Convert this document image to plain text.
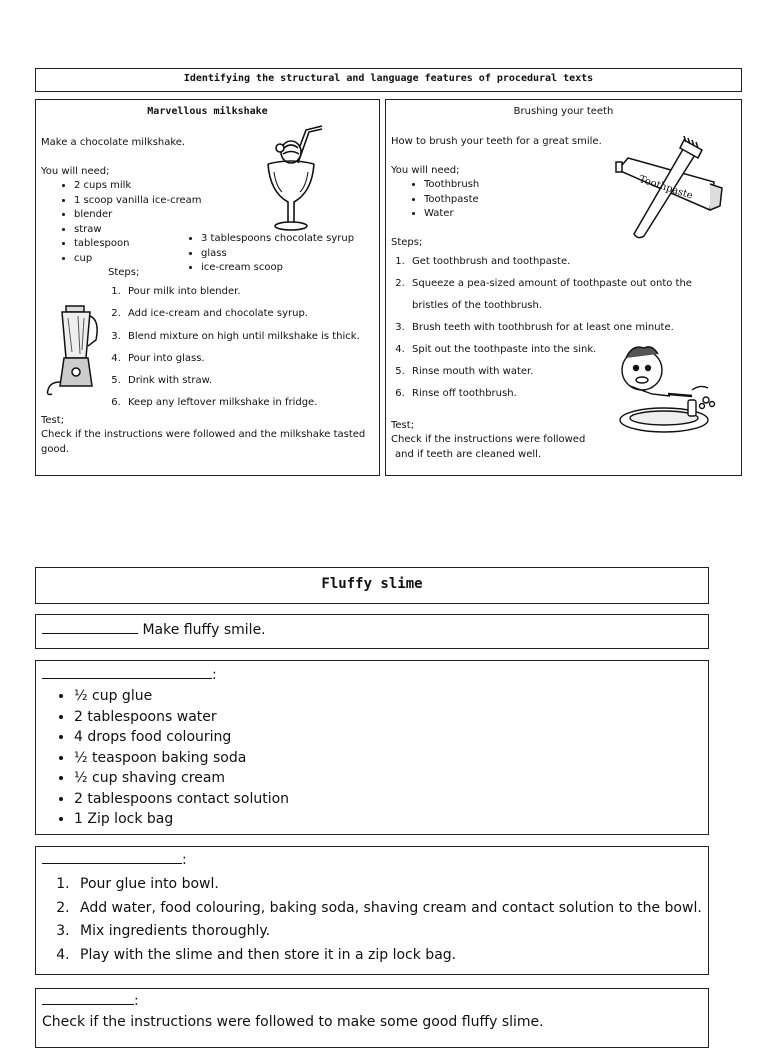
Identifying the structural and language features of procedural texts
Marvellous milkshake
Make a chocolate milkshake.
You will need;
• 2 cups milk
• 1 scoop vanilla ice-cream
• blender
• straw
• tablespoon
• cup
• 3 tablespoons chocolate syrup
• glass
• ice-cream scoop
Steps;
1. Pour milk into blender.
2. Add ice-cream and chocolate syrup.
3. Blend mixture on high until milkshake is thick.
4. Pour into glass.
5. Drink with straw.
6. Keep any leftover milkshake in fridge.
Test;
Check if the instructions were followed and the milkshake tasted
good.
Brushing your teeth
How to brush your teeth for a great smile.
You will need;
• Toothbrush
• Toothpaste
• Water
Steps;
1. Get toothbrush and toothpaste.
2. Squeeze a pea-sized amount of toothpaste out onto the
bristles of the toothbrush.
3. Brush teeth with toothbrush for at least one minute.
4. Spit out the toothpaste into the sink.
5. Rinse mouth with water.
6. Rinse off toothbrush.
Test;
Check if the instructions were followed
and if teeth are cleaned well.
Toothpaste
Fluffy slime
Make fluffy smile.
:
• ½ cup glue
• 2 tablespoons water
• 4 drops food colouring
• ½ teaspoon baking soda
• ½ cup shaving cream
• 2 tablespoons contact solution
• 1 Zip lock bag
:
1. Pour glue into bowl.
2. Add water, food colouring, baking soda, shaving cream and contact solution to the bowl.
3. Mix ingredients thoroughly.
4. Play with the slime and then store it in a zip lock bag.
:
Check if the instructions were followed to make some good fluffy slime.
